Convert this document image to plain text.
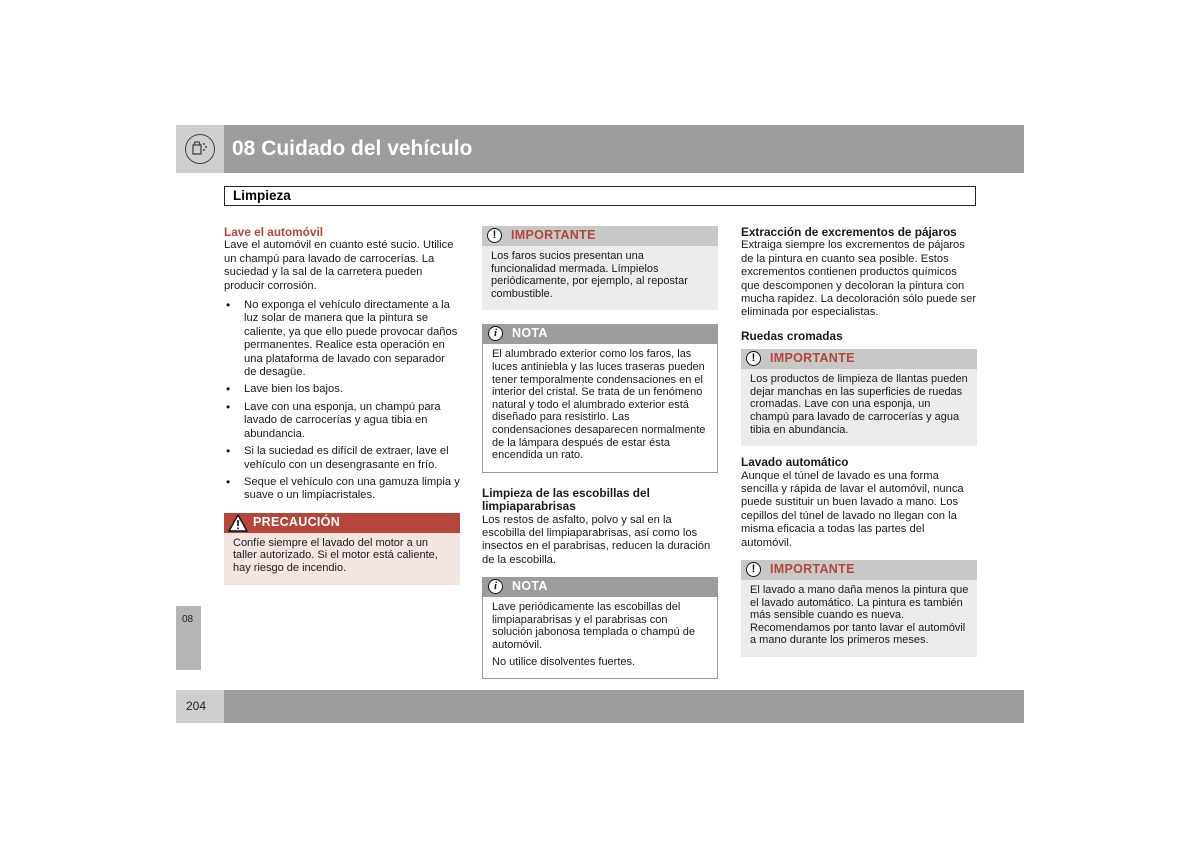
08 Cuidado del vehículo
Limpieza

Lave el automóvil

Lave el automóvil en cuanto esté sucio. Utilice un champú para lavado de carrocerías. La suciedad y la sal de la carretera pueden producir corrosión.

• No exponga el vehículo directamente a la luz solar de manera que la pintura se caliente, ya que ello puede provocar daños permanentes. Realice esta operación en una plataforma de lavado con separador de desagüe.
• Lave bien los bajos.
• Lave con una esponja, un champú para lavado de carrocerías y agua tibia en abundancia.
• Si la suciedad es difícil de extraer, lave el vehículo con un desengrasante en frío.
• Seque el vehículo con una gamuza limpia y suave o un limpiacristales.
PRECAUCIÓN

Confíe siempre el lavado del motor a un taller autorizado. Si el motor está caliente, hay riesgo de incendio.

!	IMPORTANTE

Los faros sucios presentan una funcionalidad mermada. Límpielos periódicamente, por ejemplo, al repostar combustible.

i	NOTA

El alumbrado exterior como los faros, las luces antiniebla y las luces traseras pueden tener temporalmente condensaciones en el interior del cristal. Se trata de un fenómeno natural y todo el alumbrado exterior está diseñado para resistirlo. Las condensaciones desaparecen normalmente de la lámpara después de estar ésta encendida un rato.

Limpieza de las escobillas del limpiaparabrisas

Los restos de asfalto, polvo y sal en la escobilla del limpiaparabrisas, así como los insectos en el parabrisas, reducen la duración de la escobilla.

i	NOTA

Lave periódicamente las escobillas del limpiaparabrisas y el parabrisas con solución jabonosa templada o champú de automóvil.

No utilice disolventes fuertes.

Extracción de excrementos de pájaros

Extraiga siempre los excrementos de pájaros de la pintura en cuanto sea posible. Estos excrementos contienen productos químicos que descomponen y decoloran la pintura con mucha rapidez. La decoloración sólo puede ser eliminada por especialistas.

Ruedas cromadas

!	IMPORTANTE

Los productos de limpieza de llantas pueden dejar manchas en las superficies de ruedas cromadas. Lave con una esponja, un champú para lavado de carrocerías y agua tibia en abundancia.

Lavado automático

Aunque el túnel de lavado es una forma sencilla y rápida de lavar el automóvil, nunca puede sustituir un buen lavado a mano. Los cepillos del túnel de lavado no llegan con la misma eficacia a todas las partes del automóvil.

!	IMPORTANTE

El lavado a mano daña menos la pintura que el lavado automático. La pintura es también más sensible cuando es nueva. Recomendamos por tanto lavar el automóvil a mano durante los primeros meses.

08
204
